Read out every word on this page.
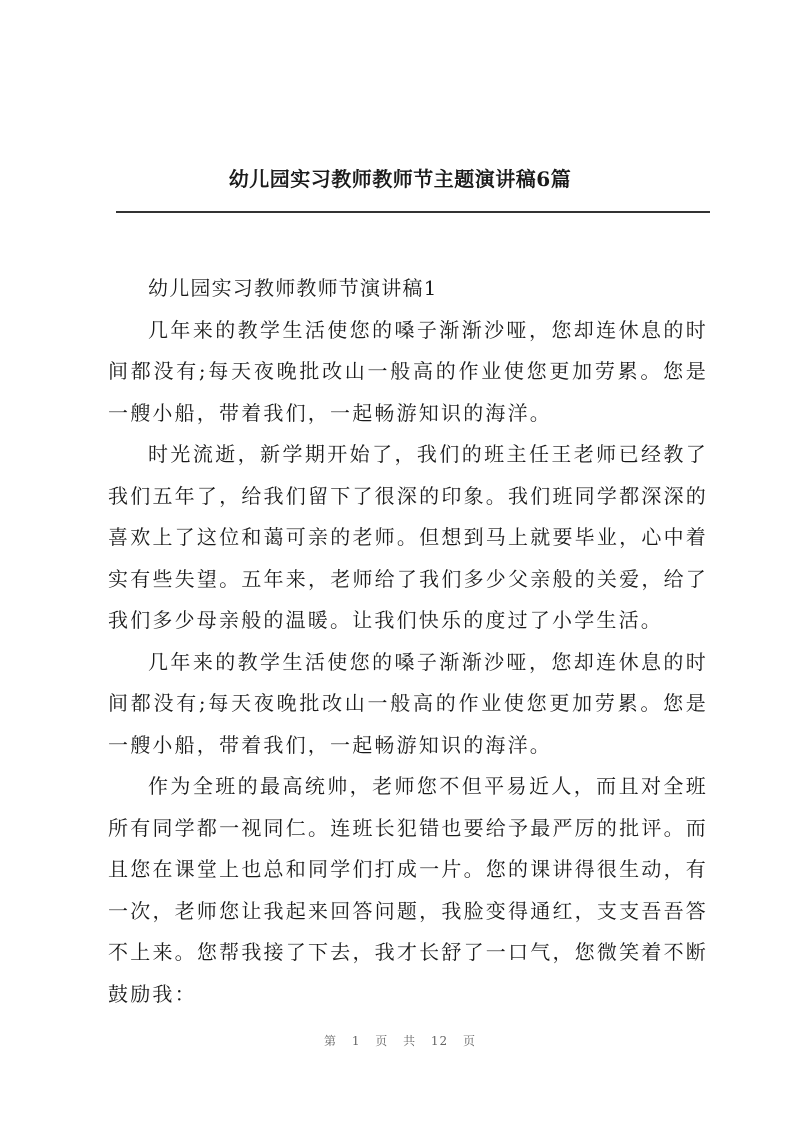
幼儿园实习教师教师节主题演讲稿6篇

幼儿园实习教师教师节演讲稿1

几年来的教学生活使您的嗓子渐渐沙哑，您却连休息的时间都没有;每天夜晚批改山一般高的作业使您更加劳累。您是一艘小船，带着我们，一起畅游知识的海洋。

时光流逝，新学期开始了，我们的班主任王老师已经教了我们五年了，给我们留下了很深的印象。我们班同学都深深的喜欢上了这位和蔼可亲的老师。但想到马上就要毕业，心中着实有些失望。五年来，老师给了我们多少父亲般的关爱，给了我们多少母亲般的温暖。让我们快乐的度过了小学生活。

几年来的教学生活使您的嗓子渐渐沙哑，您却连休息的时间都没有;每天夜晚批改山一般高的作业使您更加劳累。您是一艘小船，带着我们，一起畅游知识的海洋。

作为全班的最高统帅，老师您不但平易近人，而且对全班所有同学都一视同仁。连班长犯错也要给予最严厉的批评。而且您在课堂上也总和同学们打成一片。您的课讲得很生动，有一次，老师您让我起来回答问题，我脸变得通红，支支吾吾答不上来。您帮我接了下去，我才长舒了一口气，您微笑着不断鼓励我：

第 1 页 共 12 页
